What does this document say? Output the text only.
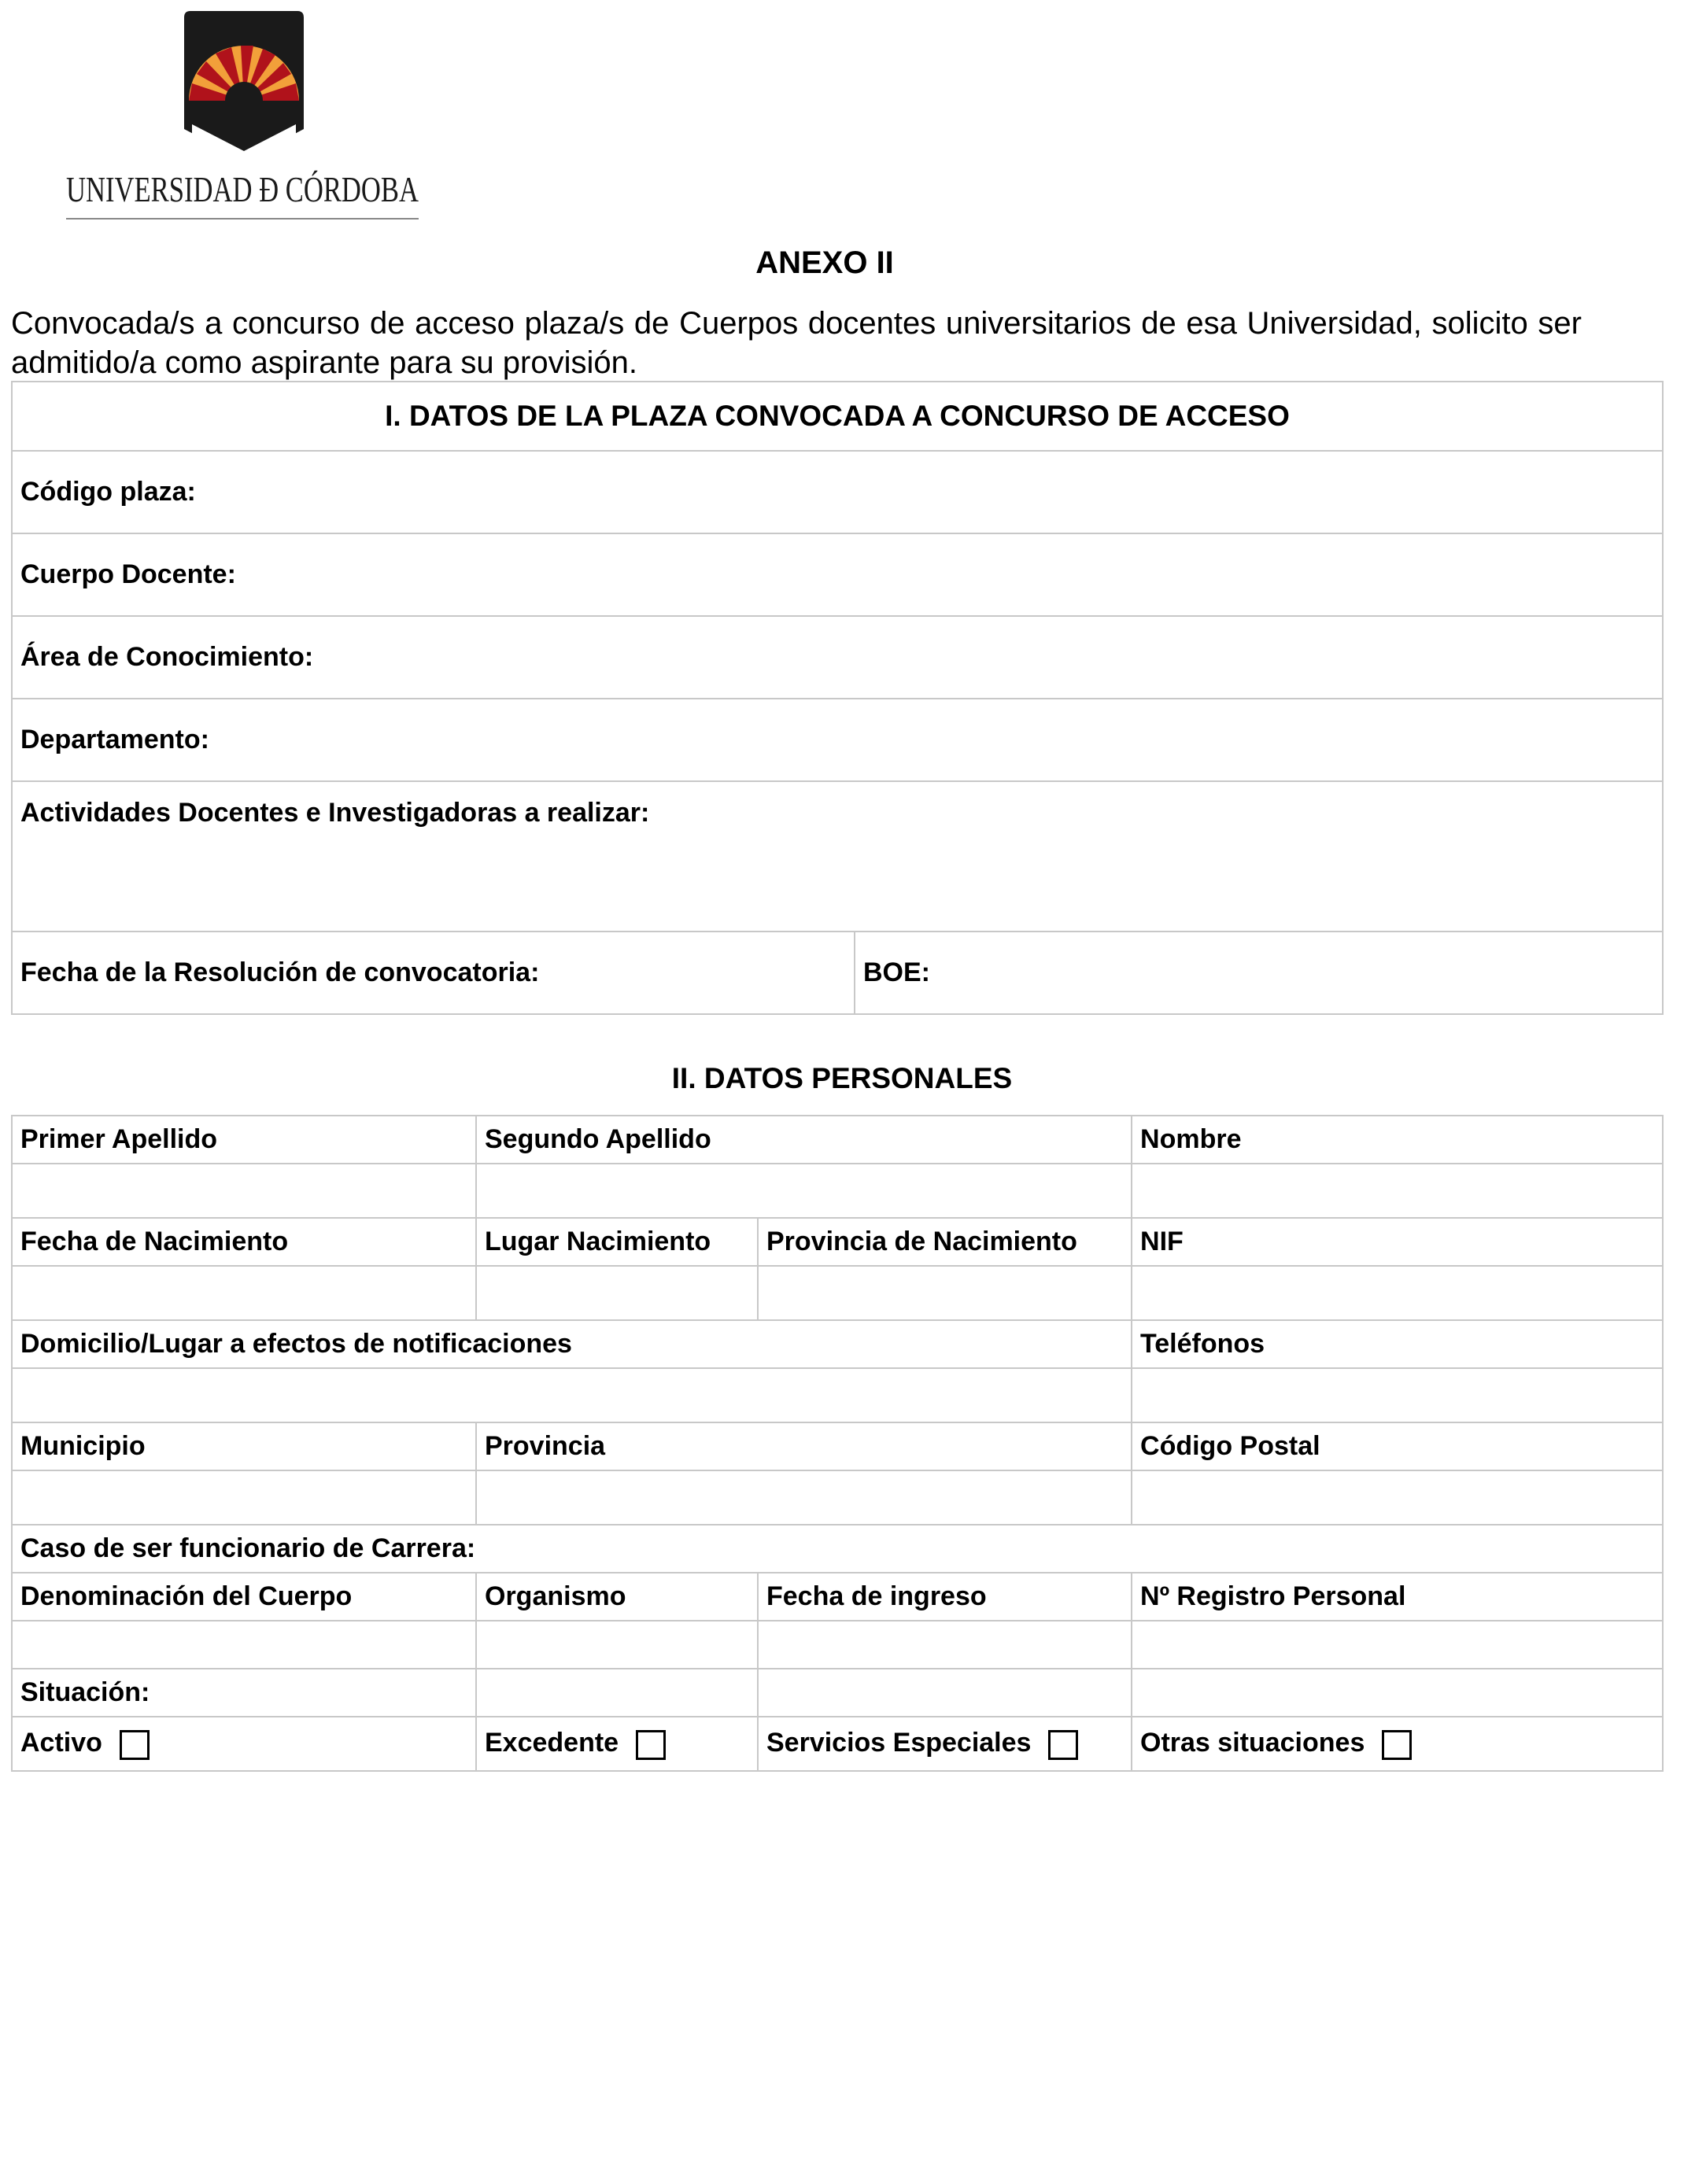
UNIVERSIDAD Đ CÓRDOBA
ANEXO II

Convocada/s a concurso de acceso plaza/s de Cuerpos docentes universitarios de esa Universidad, solicito ser admitido/a como aspirante para su provisión.

I. DATOS DE LA PLAZA CONVOCADA A CONCURSO DE ACCESO
Código plaza:
Cuerpo Docente:
Área de Conocimiento:
Departamento:
Actividades Docentes e Investigadoras a realizar:
Fecha de la Resolución de convocatoria:	BOE:
II. DATOS PERSONALES
Primer Apellido	Segundo Apellido		Nombre

Fecha de Nacimiento	Lugar Nacimiento	Provincia de Nacimiento	NIF

Domicilio/Lugar a efectos de notificaciones			Teléfonos

Municipio	Provincia		Código Postal

Caso de ser funcionario de Carrera:			
Denominación del Cuerpo	Organismo	Fecha de ingreso	Nº Registro Personal

Situación:			
Activo	Excedente	Servicios Especiales	Otras situaciones
